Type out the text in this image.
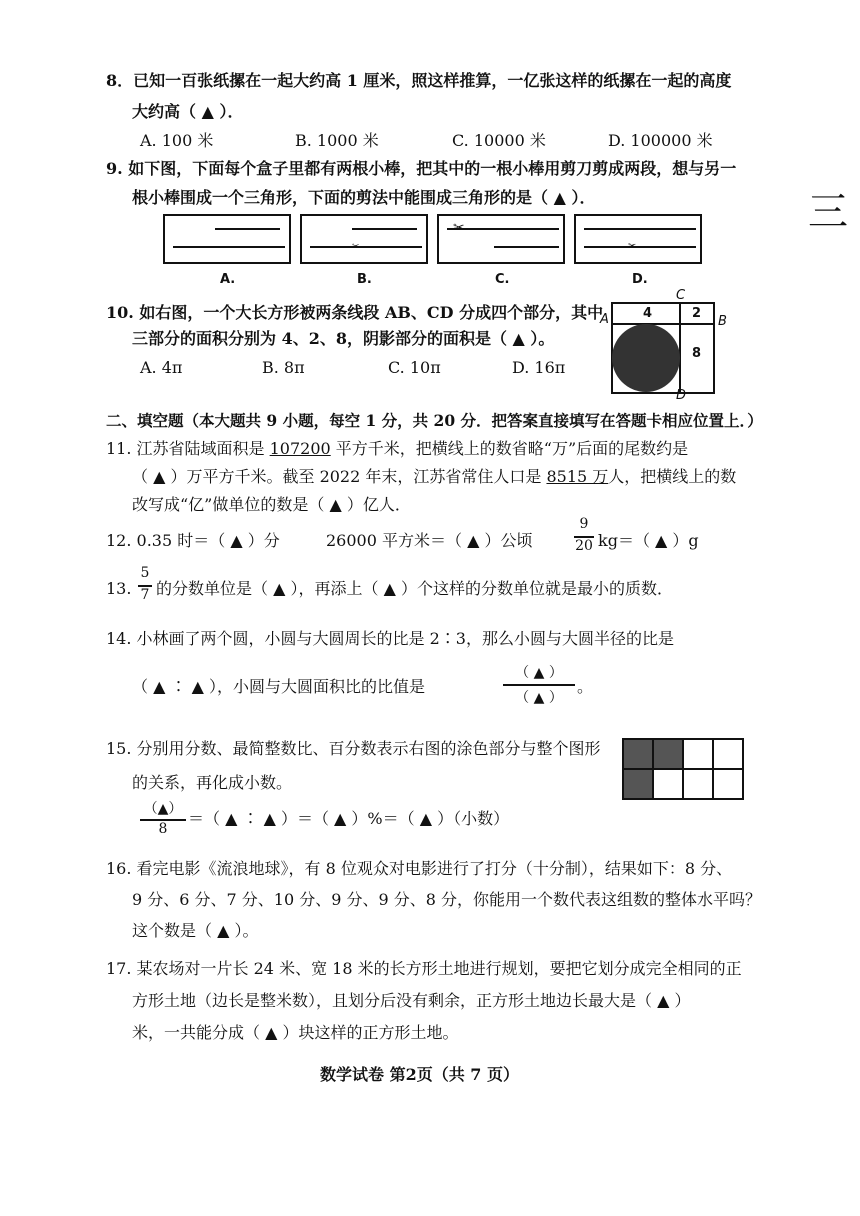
8．已知一百张纸摞在一起大约高 1 厘米，照这样推算，一亿张这样的纸摞在一起的高度
大约高（ ▲ ）．
A. 100 米	B. 1000 米	C. 10000 米	D. 100000 米
9. 如下图，下面每个盒子里都有两根小棒，把其中的一根小棒用剪刀剪成两段，想与另一
根小棒围成一个三角形，下面的剪法中能围成三角形的是（ ▲ ）．
✂
✂
✂
A.	B.	C.	D.
三
10. 如右图，一个大长方形被两条线段 AB、CD 分成四个部分，其中
三部分的面积分别为 4、2、8，阴影部分的面积是（ ▲ ）。
A. 4π	B. 8π	C. 10π	D. 16π
C
A	B
D
4	2
8
二、填空题（本大题共 9 小题，每空 1 分，共 20 分．把答案直接填写在答题卡相应位置上．）
11. 江苏省陆域面积是 107200 平方千米，把横线上的数省略“万”后面的尾数约是
（ ▲ ）万平方千米。截至 2022 年末，江苏省常住人口是 8515 万人，把横线上的数
改写成“亿”做单位的数是（ ▲ ）亿人．
12. 0.35 时＝（ ▲ ）分	26000 平方米＝（ ▲ ）公顷
9
20 kg＝（ ▲ ）g
13.
5
7 的分数单位是（ ▲ ），再添上（ ▲ ）个这样的分数单位就是最小的质数．
14. 小林画了两个圆，小圆与大圆周长的比是 2∶3，那么小圆与大圆半径的比是
（ ▲ ∶ ▲ ），小圆与大圆面积比的比值是
（ ▲ ）
（ ▲ ）
。
15. 分别用分数、最简整数比、百分数表示右图的涂色部分与整个图形
的关系，再化成小数。
（▲）
8
＝（ ▲ ∶ ▲ ）＝（ ▲ ）%＝（ ▲ ）（小数）
16. 看完电影《流浪地球》，有 8 位观众对电影进行了打分（十分制），结果如下：8 分、
9 分、6 分、7 分、10 分、9 分、9 分、8 分，你能用一个数代表这组数的整体水平吗？
这个数是（ ▲ ）。
17. 某农场对一片长 24 米、宽 18 米的长方形土地进行规划，要把它划分成完全相同的正
方形土地（边长是整米数），且划分后没有剩余，正方形土地边长最大是（ ▲ ）
米，一共能分成（ ▲ ）块这样的正方形土地。
数学试卷 第2页（共 7 页）
